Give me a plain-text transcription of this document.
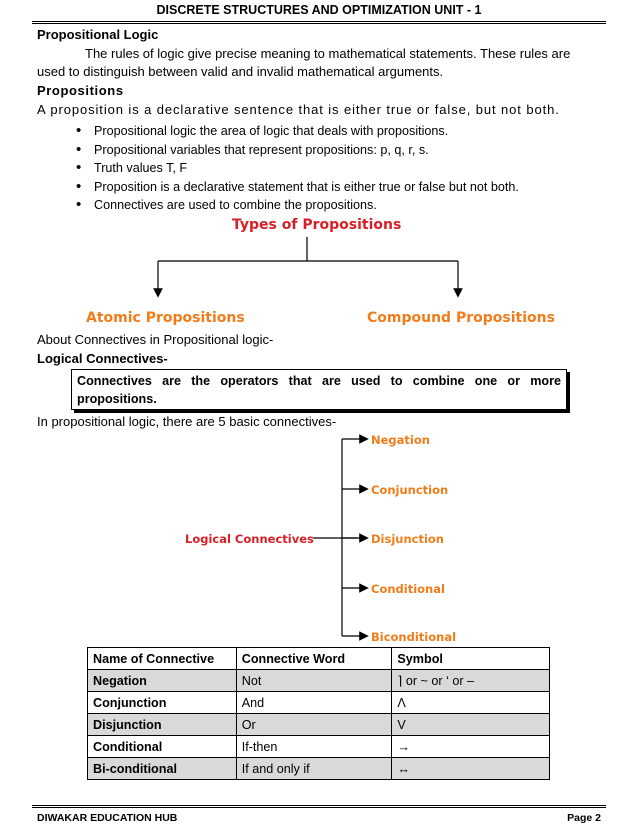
DISCRETE STRUCTURES AND OPTIMIZATION UNIT - 1
Propositional Logic
The rules of logic give precise meaning to mathematical statements. These rules are
used to distinguish between valid and invalid mathematical arguments.
Propositions
A proposition is a declarative sentence that is either true or false, but not both.
• Propositional logic the area of logic that deals with propositions.
• Propositional variables that represent propositions: p, q, r, s.
• Truth values T, F
• Proposition is a declarative statement that is either true or false but not both.
• Connectives are used to combine the propositions.
Types of Propositions
Atomic Propositions	Compound Propositions
About Connectives in Propositional logic-
Logical Connectives-
Connectives are the operators that are used to combine one or more
propositions.
In propositional logic, there are 5 basic connectives-
Logical Connectives
Negation
Conjunction
Disjunction
Conditional
Biconditional
Name of Connective	Connective Word	Symbol
Negation	Not	⌉ or ~ or ‘ or –
Conjunction	And	Λ
Disjunction	Or	V
Conditional	If-then	→
Bi-conditional	If and only if	↔
DIWAKAR EDUCATION HUB	Page 2
